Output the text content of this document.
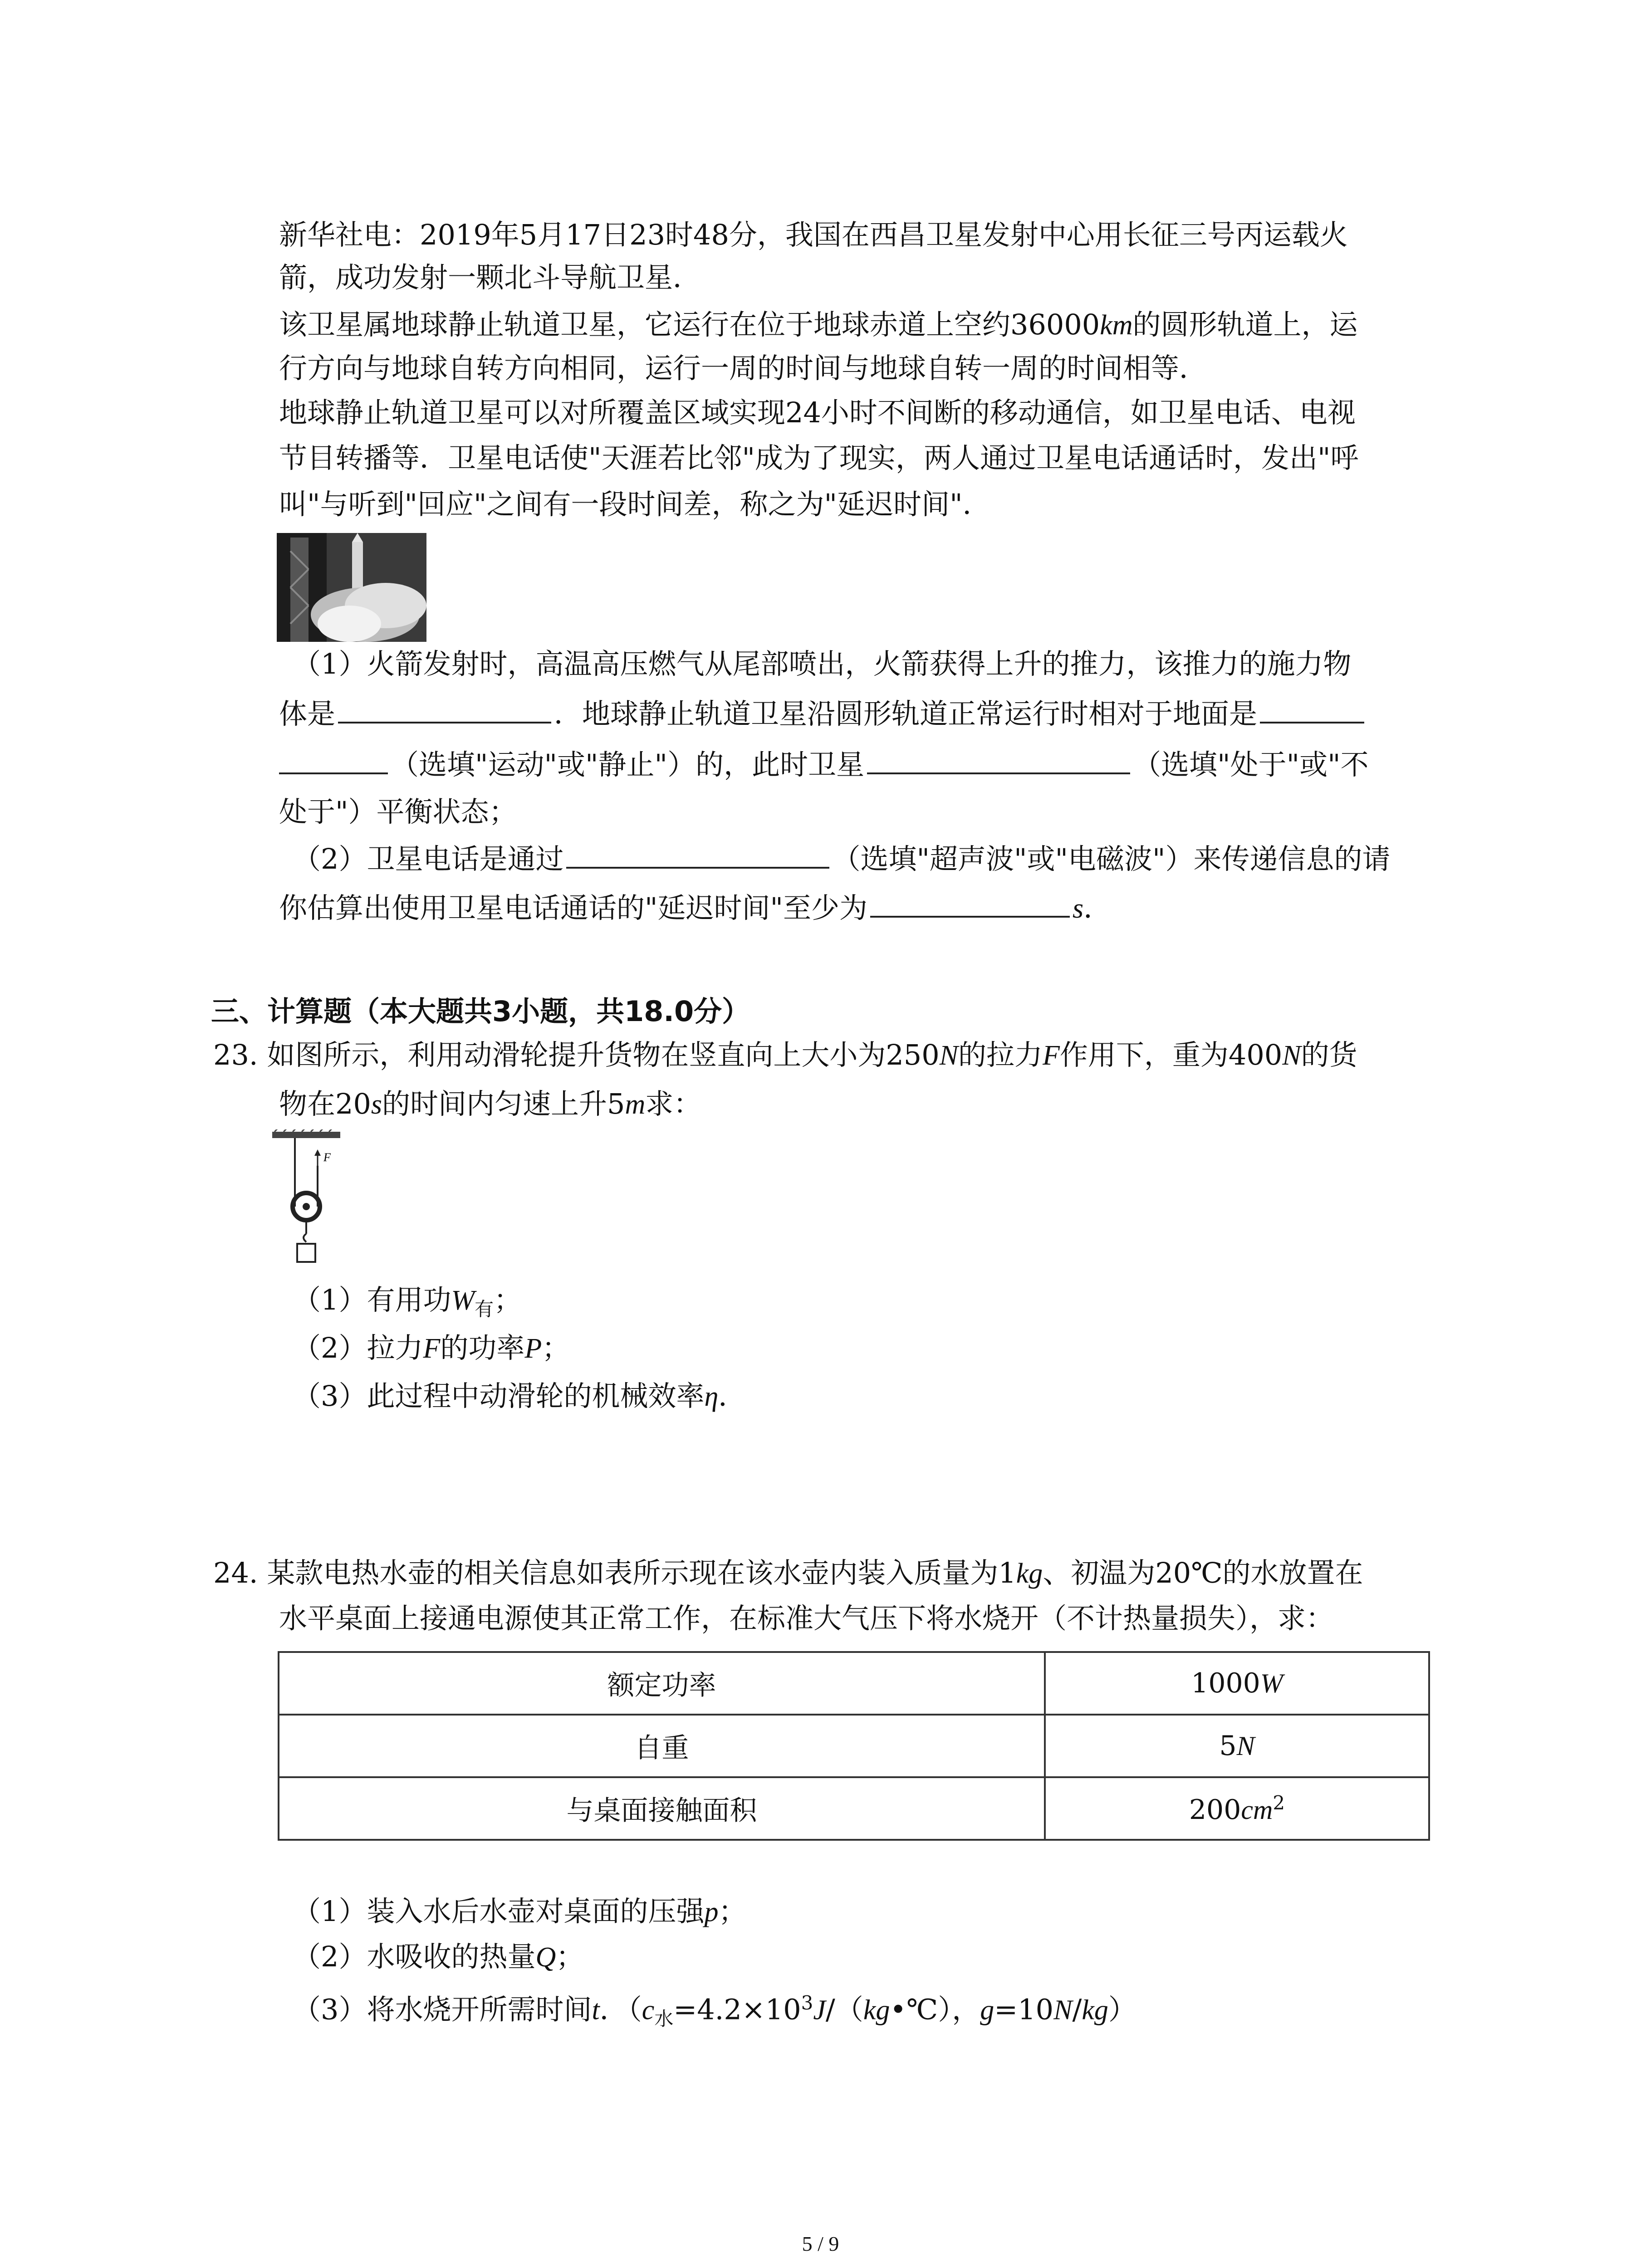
新华社电：2019年5月17日23时48分，我国在西昌卫星发射中心用长征三号丙运载火
箭，成功发射一颗北斗导航卫星．
该卫星属地球静止轨道卫星，它运行在位于地球赤道上空约36000km的圆形轨道上，运
行方向与地球自转方向相同，运行一周的时间与地球自转一周的时间相等．
地球静止轨道卫星可以对所覆盖区域实现24小时不间断的移动通信，如卫星电话、电视
节目转播等．卫星电话使"天涯若比邻"成为了现实，两人通过卫星电话通话时，发出"呼
叫"与听到"回应"之间有一段时间差，称之为"延迟时间"．
（1）火箭发射时，高温高压燃气从尾部喷出，火箭获得上升的推力，该推力的施力物
体是	．地球静止轨道卫星沿圆形轨道正常运行时相对于地面是
（选填"运动"或"静止"）的，此时卫星	（选填"处于"或"不
处于"）平衡状态；
（2）卫星电话是通过	（选填"超声波"或"电磁波"）来传递信息的请
你估算出使用卫星电话通话的"延迟时间"至少为	s．
三、计算题（本大题共3小题，共18.0分）
23. 如图所示，利用动滑轮提升货物在竖直向上大小为250N的拉力F作用下，重为400N的货
物在20s的时间内匀速上升5m求：
F
（1）有用功$W_有$；
（2）拉力F的功率P；
（3）此过程中动滑轮的机械效率η．
24. 某款电热水壶的相关信息如表所示现在该水壶内装入质量为1kg、初温为20℃的水放置在
水平桌面上接通电源使其正常工作，在标准大气压下将水烧开（不计热量损失），求：
额定功率	1000W
自重	5N
与桌面接触面积	$200cm^2$
（1）装入水后水壶对桌面的压强p；
（2）水吸收的热量Q；
（3）将水烧开所需时间t．（$c_水=4.2\times 10^3J/(kg•℃)$，g=10N/kg）
5 / 9
